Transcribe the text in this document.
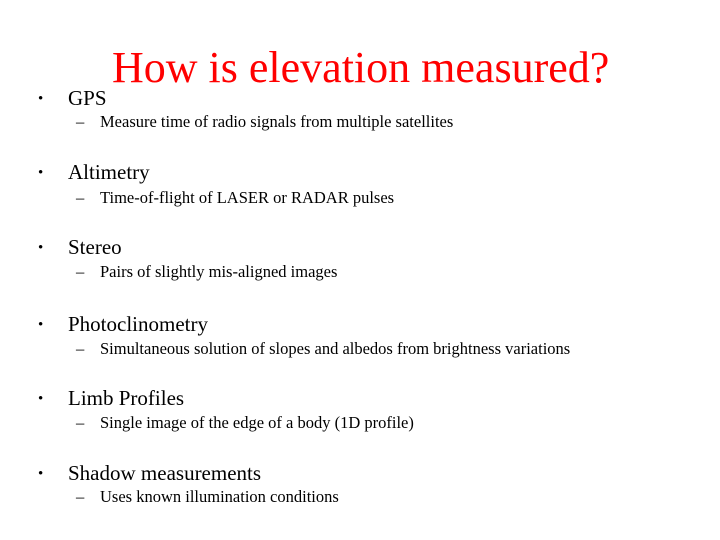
How is elevation measured?
• GPS
– Measure time of radio signals from multiple satellites
• Altimetry
– Time-of-flight of LASER or RADAR pulses
• Stereo
– Pairs of slightly mis-aligned images
• Photoclinometry
– Simultaneous solution of slopes and albedos from brightness variations
• Limb Profiles
– Single image of the edge of a body (1D profile)
• Shadow measurements
– Uses known illumination conditions
